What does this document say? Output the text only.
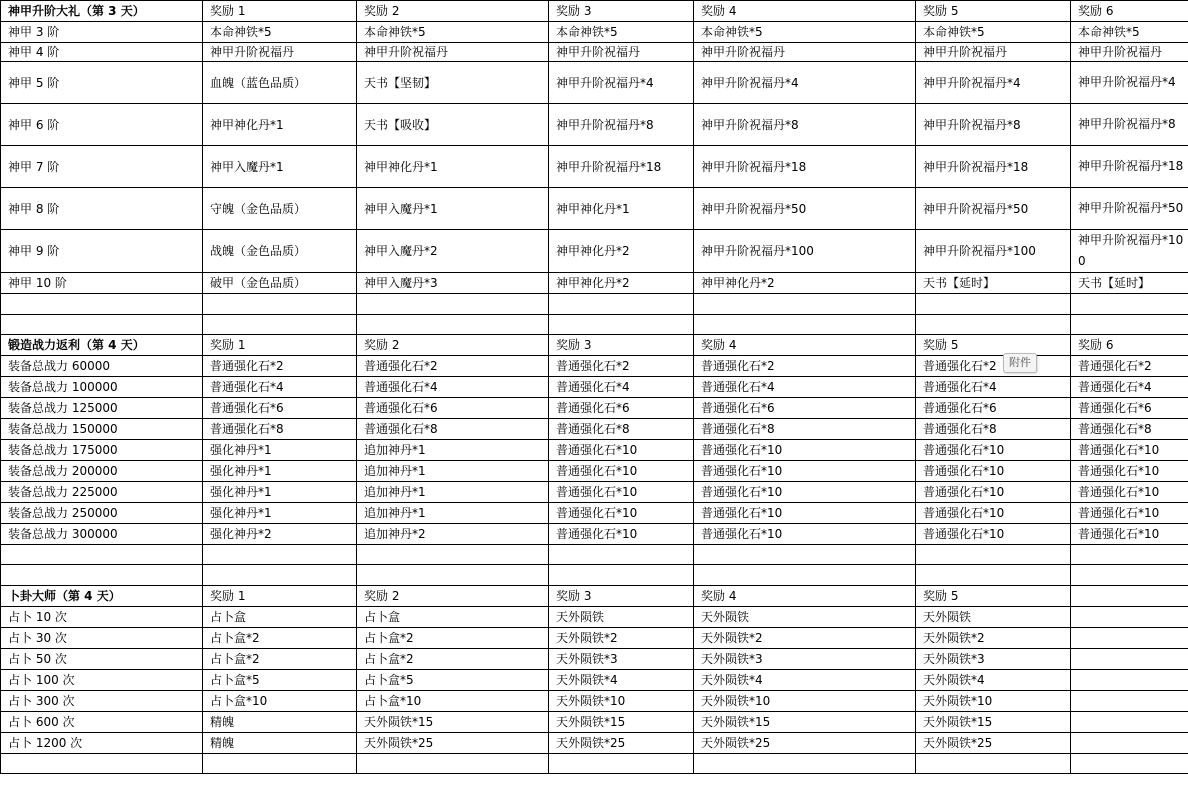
神甲升阶大礼（第 3 天）	奖励 1	奖励 2	奖励 3	奖励 4	奖励 5	奖励 6
神甲 3 阶	本命神铁*5	本命神铁*5	本命神铁*5	本命神铁*5	本命神铁*5	本命神铁*5
神甲 4 阶	神甲升阶祝福丹	神甲升阶祝福丹	神甲升阶祝福丹	神甲升阶祝福丹	神甲升阶祝福丹	神甲升阶祝福丹
神甲 5 阶	血魄（蓝色品质）	天书【坚韧】	神甲升阶祝福丹*4	神甲升阶祝福丹*4	神甲升阶祝福丹*4	神甲升阶祝福丹*4
神甲 6 阶	神甲神化丹*1	天书【吸收】	神甲升阶祝福丹*8	神甲升阶祝福丹*8	神甲升阶祝福丹*8	神甲升阶祝福丹*8
神甲 7 阶	神甲入魔丹*1	神甲神化丹*1	神甲升阶祝福丹*18	神甲升阶祝福丹*18	神甲升阶祝福丹*18	神甲升阶祝福丹*18
神甲 8 阶	守魄（金色品质）	神甲入魔丹*1	神甲神化丹*1	神甲升阶祝福丹*50	神甲升阶祝福丹*50	神甲升阶祝福丹*50
神甲 9 阶	战魄（金色品质）	神甲入魔丹*2	神甲神化丹*2	神甲升阶祝福丹*100	神甲升阶祝福丹*100	神甲升阶祝福丹*100
神甲 10 阶	破甲（金色品质）	神甲入魔丹*3	神甲神化丹*2	神甲神化丹*2	天书【延时】	天书【延时】

锻造战力返利（第 4 天）	奖励 1	奖励 2	奖励 3	奖励 4	奖励 5	奖励 6
装备总战力 60000	普通强化石*2	普通强化石*2	普通强化石*2	普通强化石*2	普通强化石*2	普通强化石*2
装备总战力 100000	普通强化石*4	普通强化石*4	普通强化石*4	普通强化石*4	普通强化石*4	普通强化石*4
装备总战力 125000	普通强化石*6	普通强化石*6	普通强化石*6	普通强化石*6	普通强化石*6	普通强化石*6
装备总战力 150000	普通强化石*8	普通强化石*8	普通强化石*8	普通强化石*8	普通强化石*8	普通强化石*8
装备总战力 175000	强化神丹*1	追加神丹*1	普通强化石*10	普通强化石*10	普通强化石*10	普通强化石*10
装备总战力 200000	强化神丹*1	追加神丹*1	普通强化石*10	普通强化石*10	普通强化石*10	普通强化石*10
装备总战力 225000	强化神丹*1	追加神丹*1	普通强化石*10	普通强化石*10	普通强化石*10	普通强化石*10
装备总战力 250000	强化神丹*1	追加神丹*1	普通强化石*10	普通强化石*10	普通强化石*10	普通强化石*10
装备总战力 300000	强化神丹*2	追加神丹*2	普通强化石*10	普通强化石*10	普通强化石*10	普通强化石*10

卜卦大师（第 4 天）	奖励 1	奖励 2	奖励 3	奖励 4	奖励 5	
占卜 10 次	占卜盒	占卜盒	天外陨铁	天外陨铁	天外陨铁	
占卜 30 次	占卜盒*2	占卜盒*2	天外陨铁*2	天外陨铁*2	天外陨铁*2	
占卜 50 次	占卜盒*2	占卜盒*2	天外陨铁*3	天外陨铁*3	天外陨铁*3	
占卜 100 次	占卜盒*5	占卜盒*5	天外陨铁*4	天外陨铁*4	天外陨铁*4	
占卜 300 次	占卜盒*10	占卜盒*10	天外陨铁*10	天外陨铁*10	天外陨铁*10	
占卜 600 次	精魄	天外陨铁*15	天外陨铁*15	天外陨铁*15	天外陨铁*15	
占卜 1200 次	精魄	天外陨铁*25	天外陨铁*25	天外陨铁*25	天外陨铁*25	

附件
